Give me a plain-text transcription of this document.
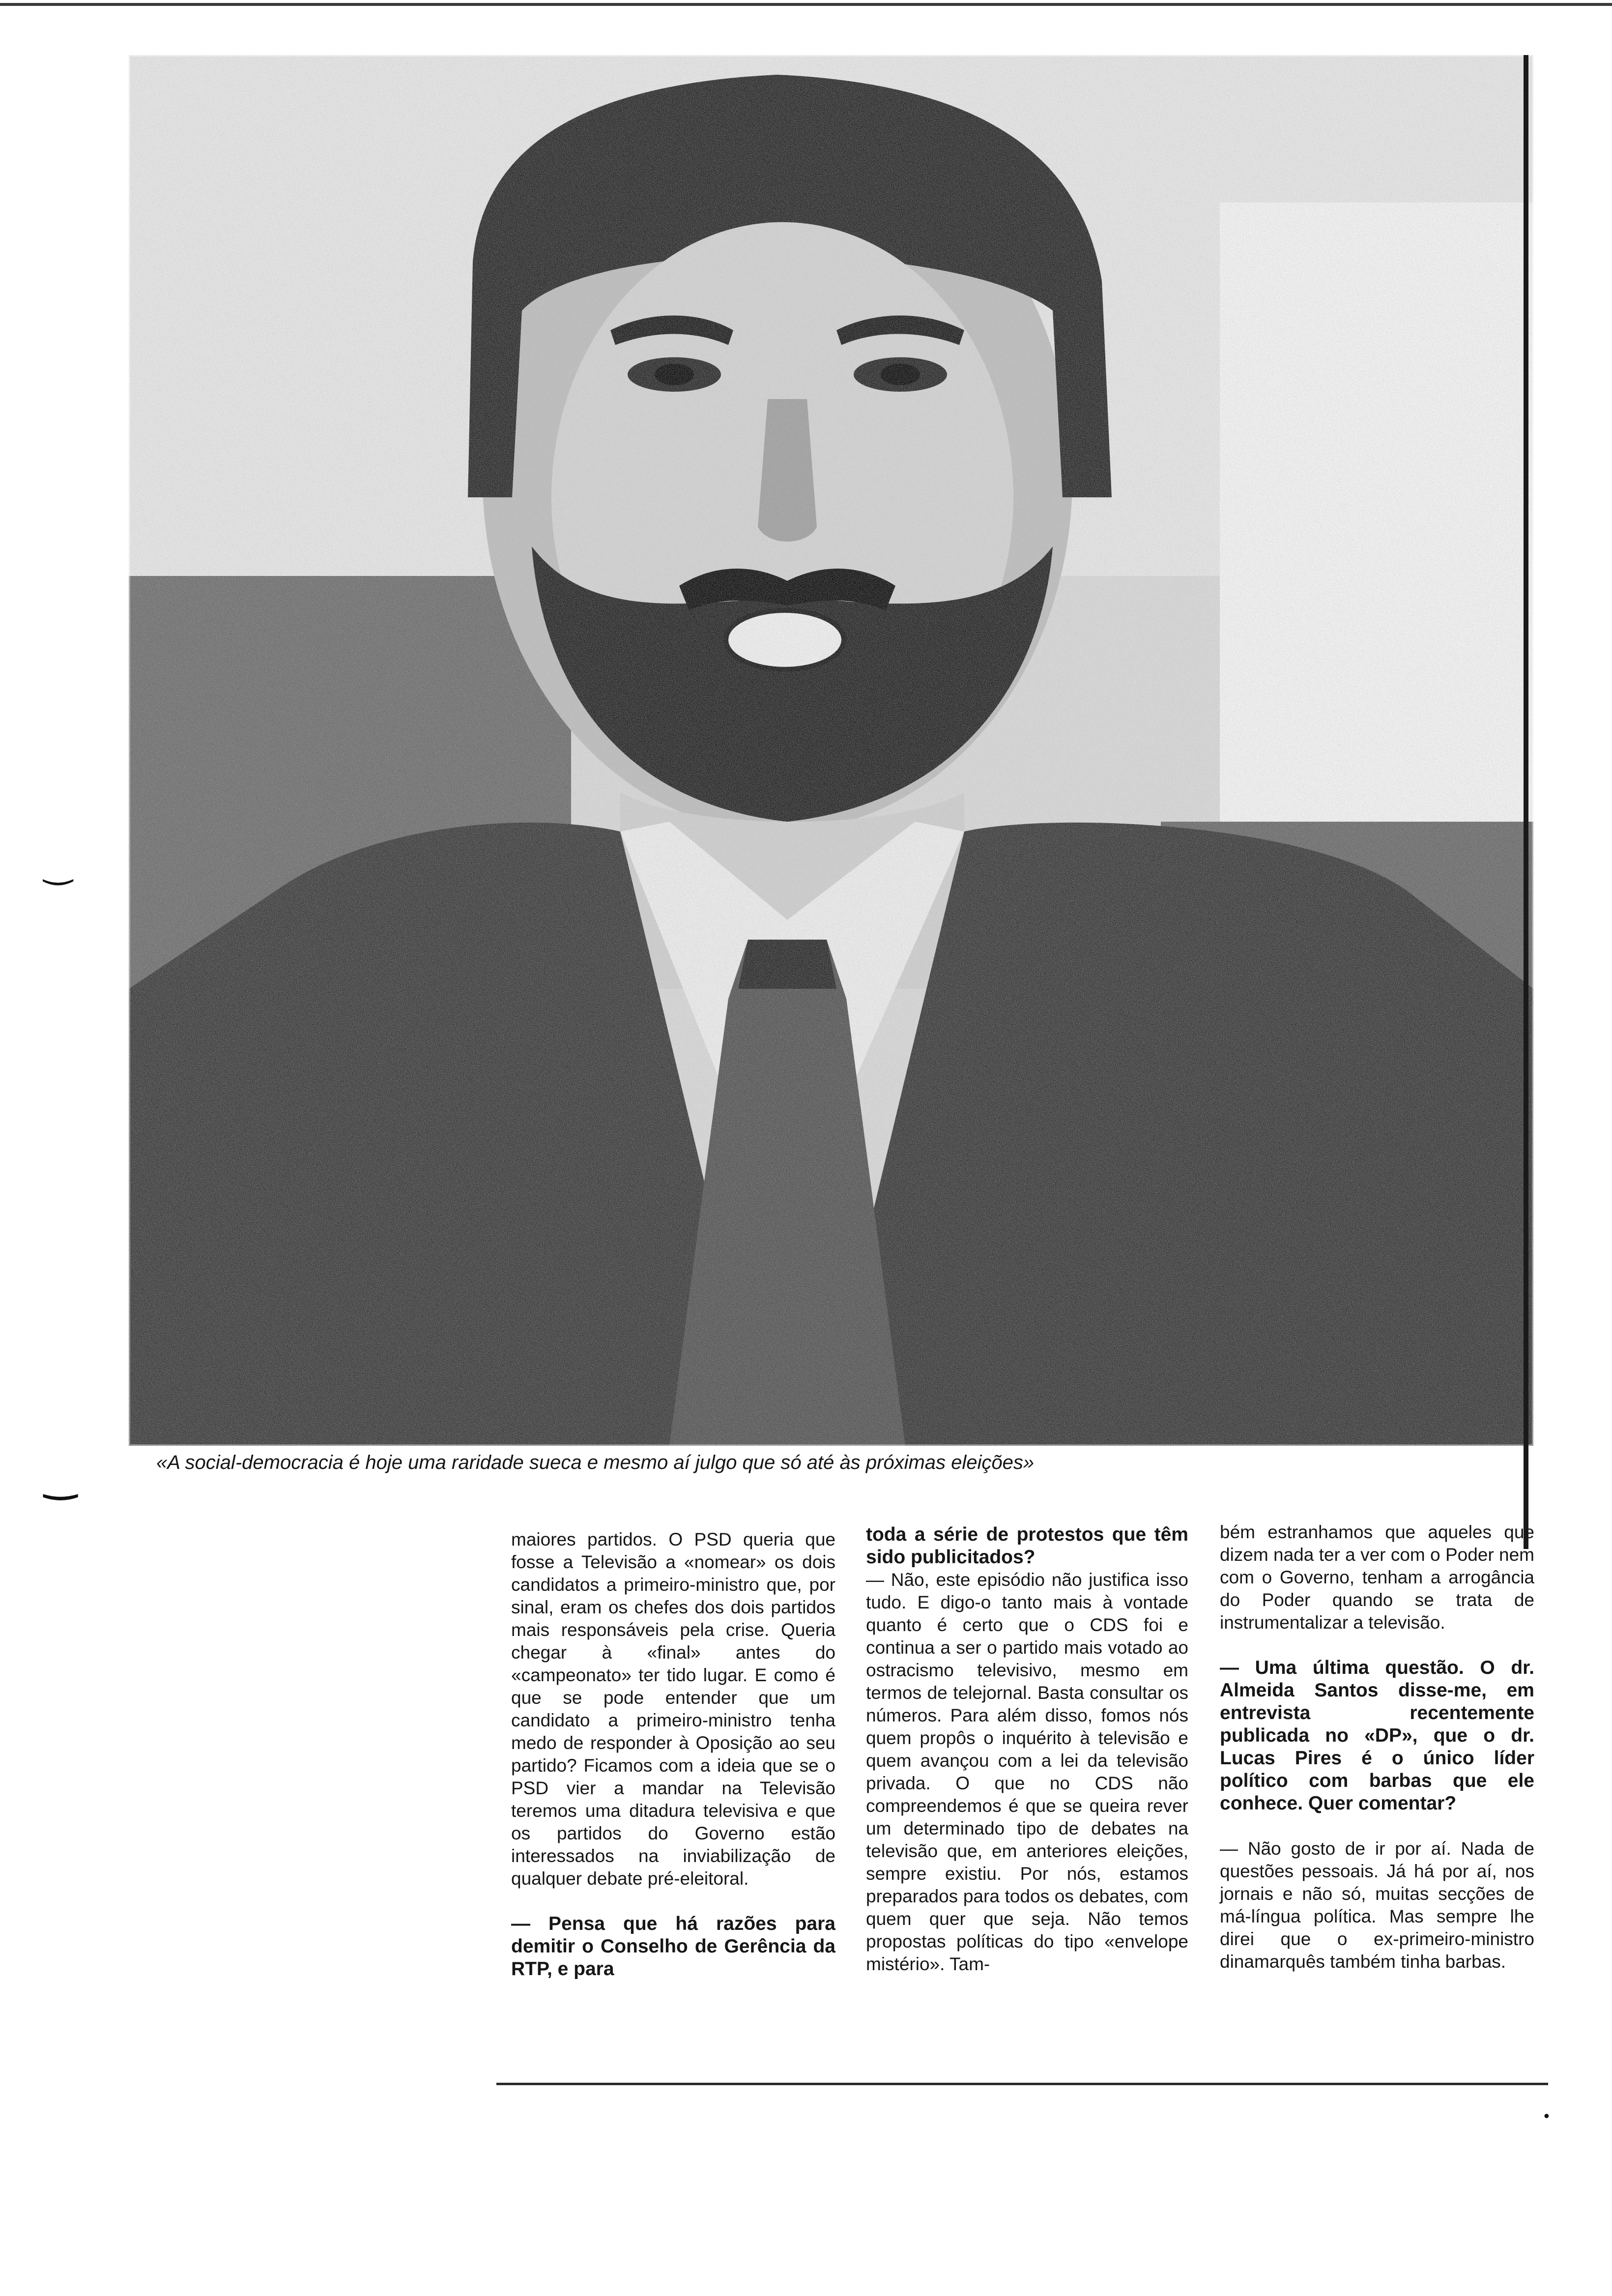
«A social-democracia é hoje uma raridade sueca e mesmo aí julgo que só até às próximas eleições»

maiores partidos. O PSD queria que fosse a Televisão a «nomear» os dois candidatos a primeiro-ministro que, por sinal, eram os chefes dos dois partidos mais responsáveis pela crise. Queria chegar à «final» antes do «campeonato» ter tido lugar. E como é que se pode entender que um candidato a primeiro-ministro tenha medo de responder à Oposição ao seu partido? Ficamos com a ideia que se o PSD vier a mandar na Televisão teremos uma ditadura televisiva e que os partidos do Governo estão interessados na inviabilização de qualquer debate pré-eleitoral.

— Pensa que há razões para demitir o Conselho de Gerência da RTP, e para

toda a série de protestos que têm sido publicitados?

— Não, este episódio não justifica isso tudo. E digo-o tanto mais à vontade quanto é certo que o CDS foi e continua a ser o partido mais votado ao ostracismo televisivo, mesmo em termos de telejornal. Basta consultar os números. Para além disso, fomos nós quem propôs o inquérito à televisão e quem avançou com a lei da televisão privada. O que no CDS não compreendemos é que se queira rever um determinado tipo de debates na televisão que, em anteriores eleições, sempre existiu. Por nós, estamos preparados para todos os debates, com quem quer que seja. Não temos propostas políticas do tipo «envelope mistério». Tam-

bém estranhamos que aqueles que dizem nada ter a ver com o Poder nem com o Governo, tenham a arrogância do Poder quando se trata de instrumentalizar a televisão.

— Uma última questão. O dr. Almeida Santos disse-me, em entrevista recentemente publicada no «DP», que o dr. Lucas Pires é o único líder político com barbas que ele conhece. Quer comentar?

— Não gosto de ir por aí. Nada de questões pessoais. Já há por aí, nos jornais e não só, muitas secções de má-língua política. Mas sempre lhe direi que o ex-primeiro-ministro dinamarquês também tinha barbas.

‿
‿
•
